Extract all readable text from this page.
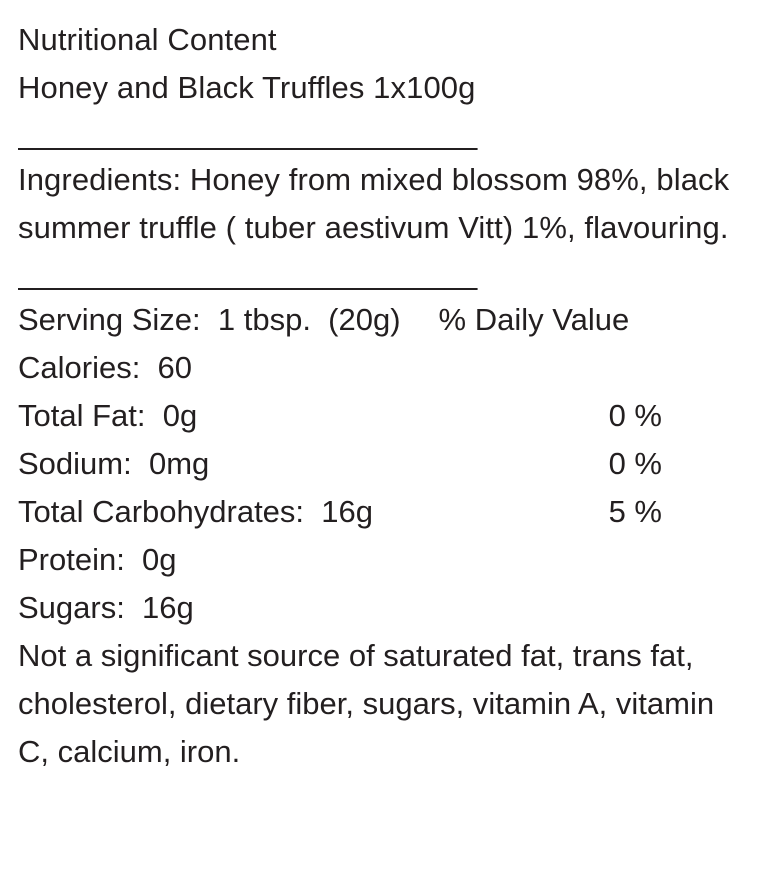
Nutritional Content
Honey and Black Truffles 1x100g
______________________________
Ingredients: Honey from mixed blossom 98%, black summer truffle ( tuber aestivum Vitt) 1%, flavouring.
______________________________
Serving Size:  1 tbsp.  (20g) % Daily Value
Calories:  60
Total Fat:  0g	0 %
Sodium:  0mg	0 %
Total Carbohydrates:  16g	5 %
Protein:  0g
Sugars:  16g
Not a significant source of saturated fat, trans fat, cholesterol, dietary fiber, sugars, vitamin A, vitamin C, calcium, iron.
